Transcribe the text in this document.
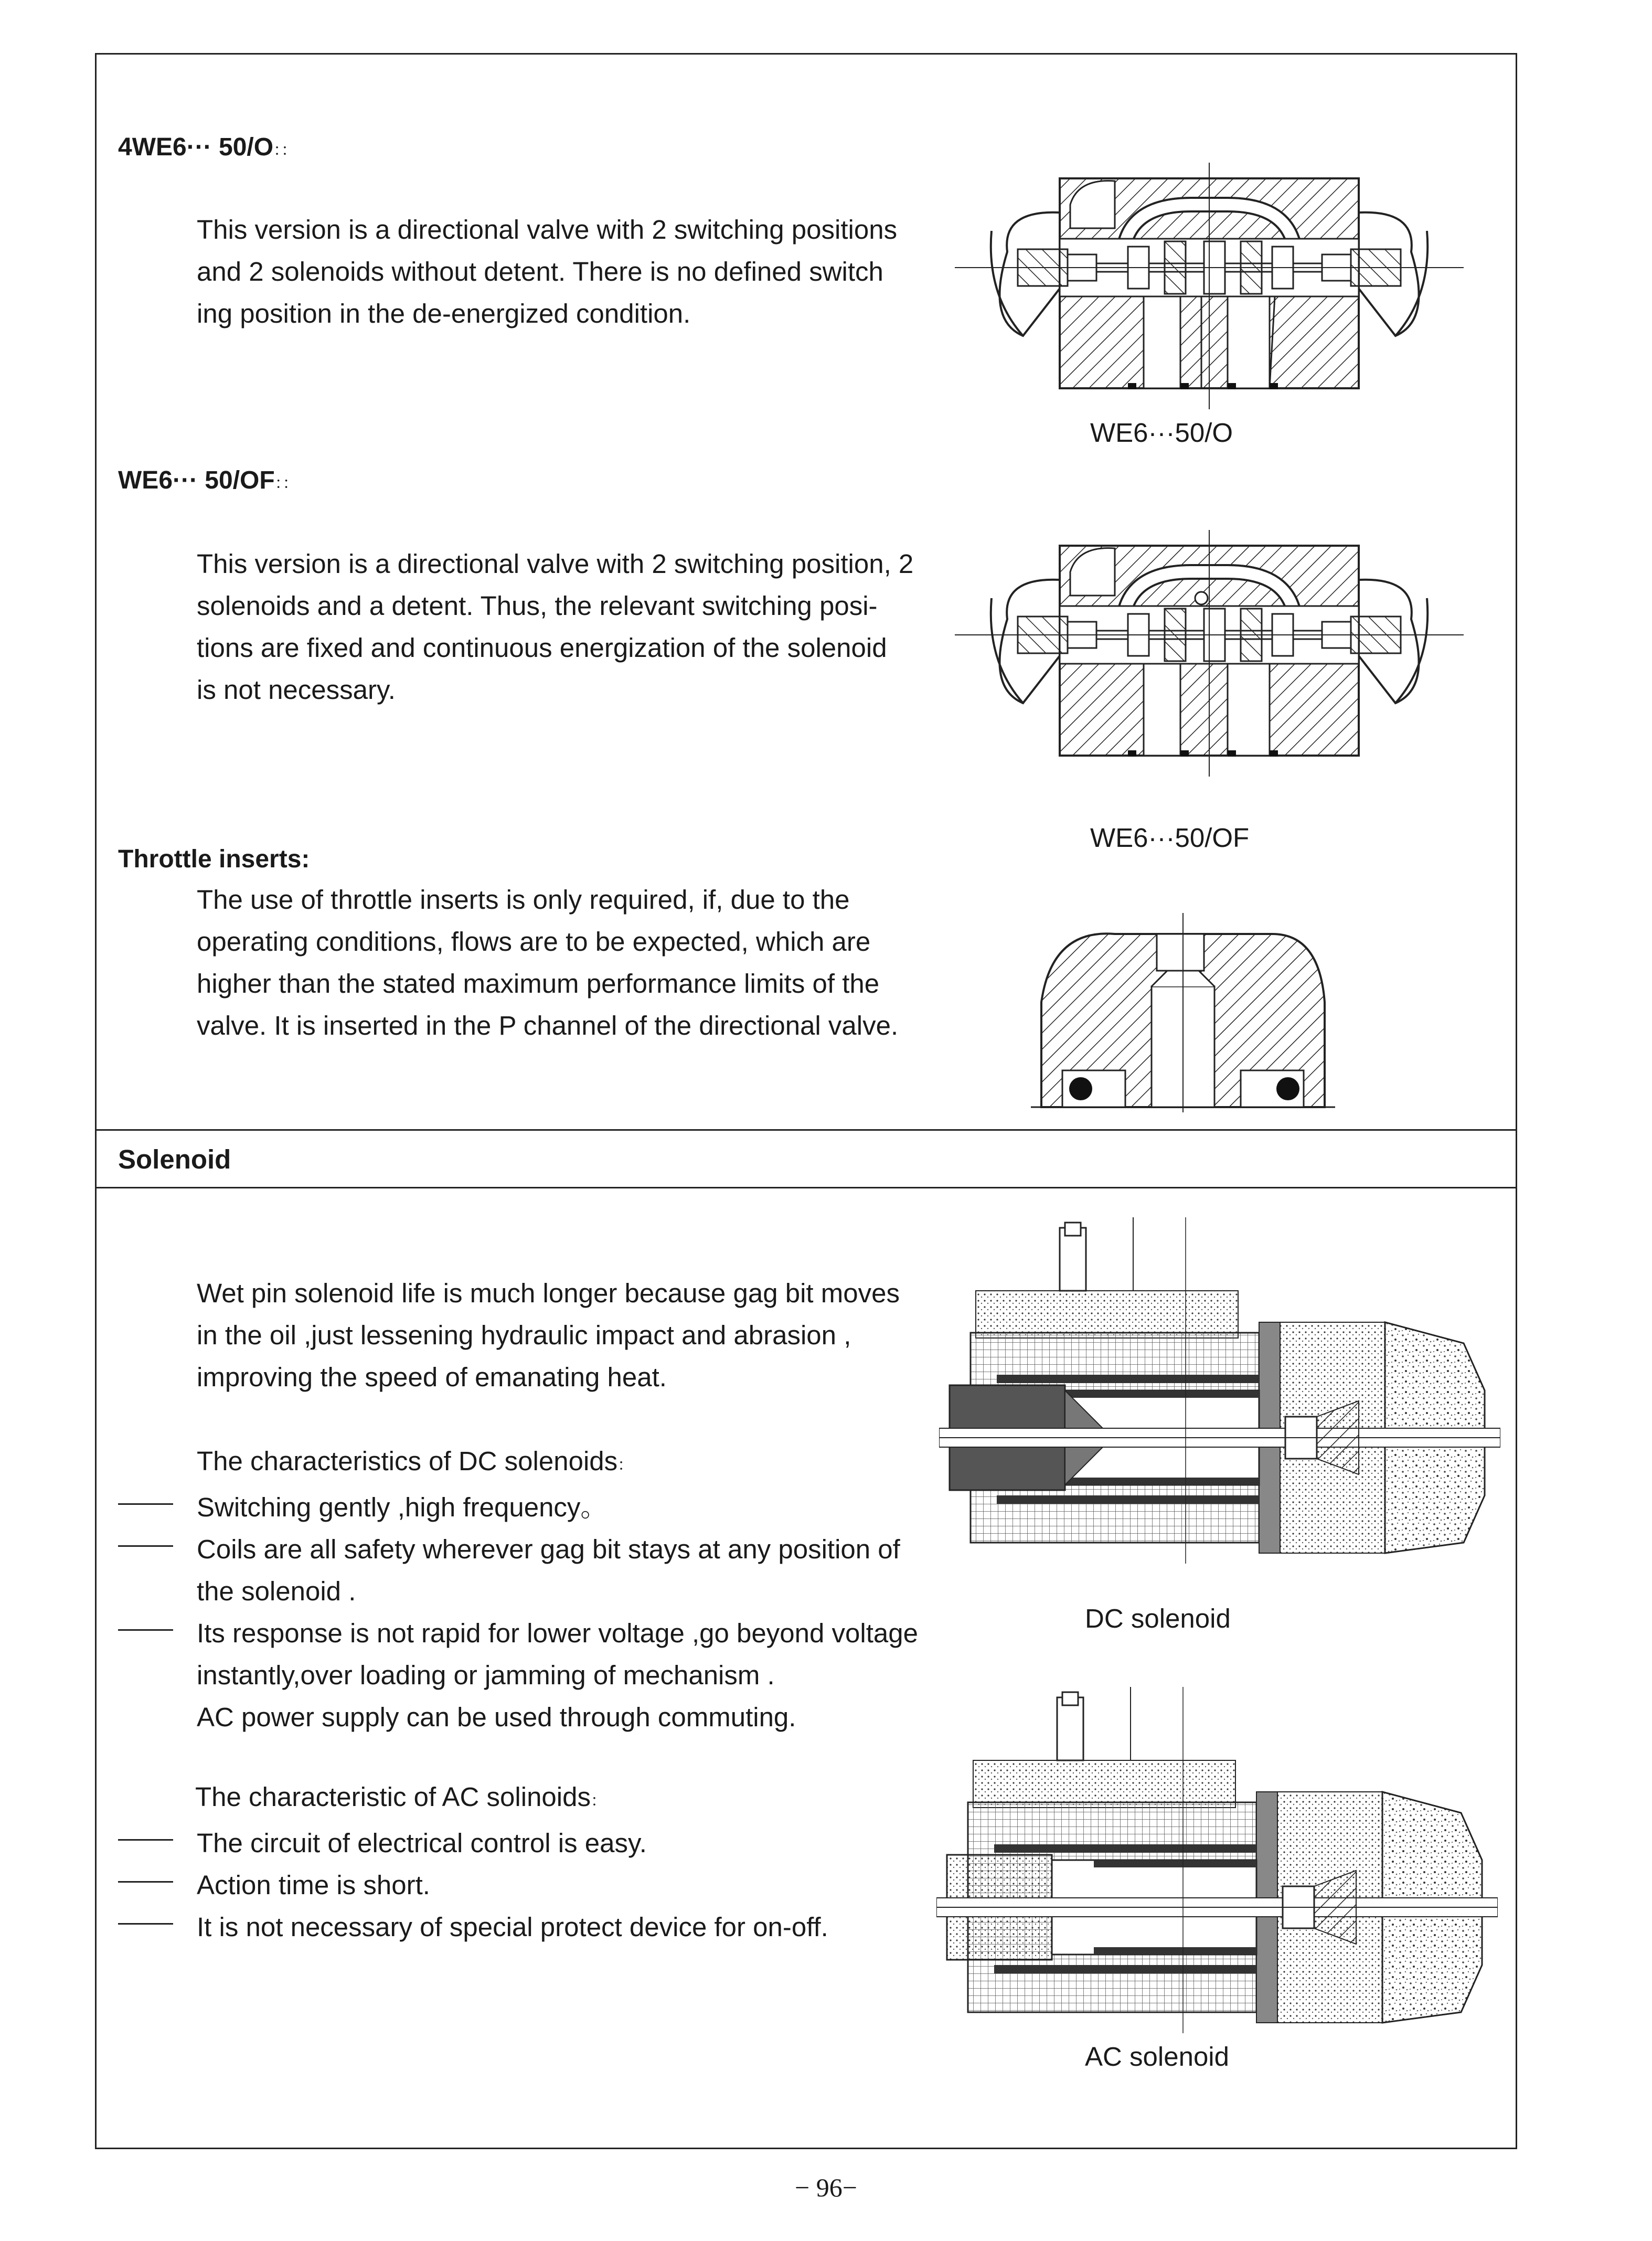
4WE6··· 50/O：：
This version is a directional valve with 2 switching positions
and 2 solenoids without detent. There is no defined switch
ing position in the de-energized condition.
WE6···50/O
WE6··· 50/OF：：
This version is a directional valve with 2 switching position, 2
solenoids and a detent. Thus, the relevant switching posi-
tions are fixed and continuous energization of the solenoid
is not necessary.
WE6···50/OF
Throttle inserts:
The use of throttle inserts is only required, if, due to the
operating conditions, flows are to be expected, which are
higher than the stated maximum performance limits of the
valve. It is inserted in the P channel of the directional valve.
Solenoid
Wet pin solenoid life is much longer because gag bit moves
in the oil ,just lessening hydraulic impact and abrasion ,
improving the speed of emanating heat.
The characteristics of DC solenoids：
Switching gently ,high frequency。
Coils are all safety wherever gag bit stays at any position of
the solenoid .
Its response is not rapid for lower voltage ,go beyond voltage
instantly,over loading or jamming of mechanism .
AC power supply can be used through commuting.
The characteristic of AC solinoids：
The circuit of electrical control is easy.
Action time is short.
It is not necessary of special protect device for on-off.
DC solenoid
AC solenoid
− 96−
